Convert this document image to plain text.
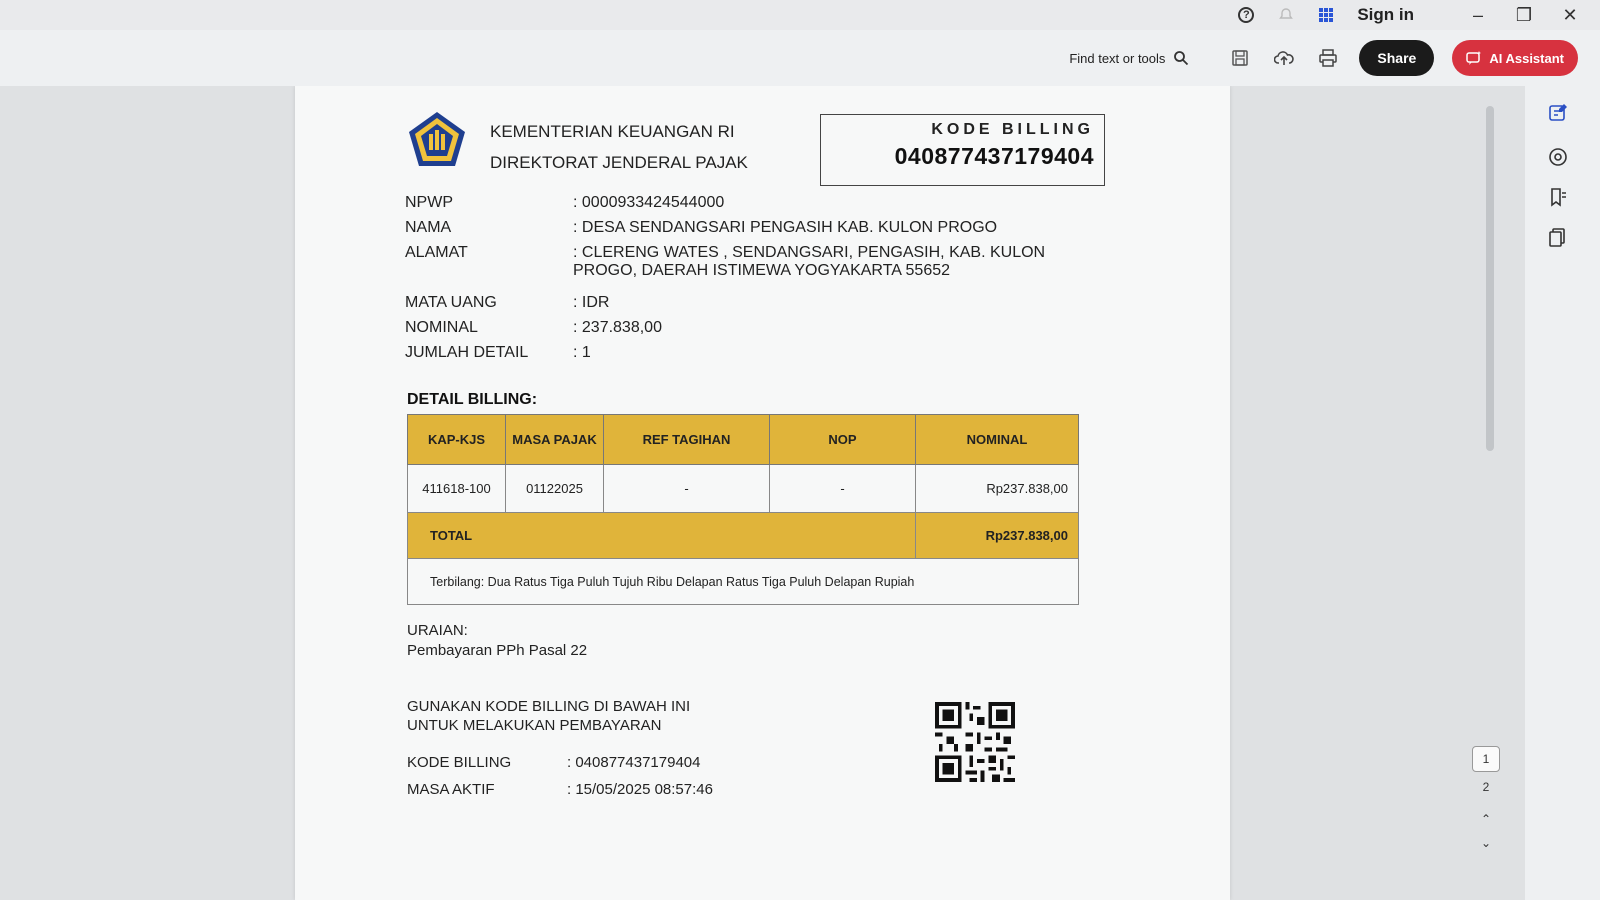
?	Sign in	–	❐ ✕
Find text or tools	Share	AI Assistant
KEMENTERIAN KEUANGAN RI
DIREKTORAT JENDERAL PAJAK
KODE BILLING
040877437179404
NPWP	: 0000933424544000
NAMA	: DESA SENDANGSARI PENGASIH KAB. KULON PROGO
ALAMAT	: CLERENG WATES , SENDANGSARI, PENGASIH, KAB. KULON PROGO, DAERAH ISTIMEWA YOGYAKARTA 55652
MATA UANG	: IDR
NOMINAL	: 237.838,00
JUMLAH DETAIL	: 1
DETAIL BILLING:
KAP-KJS	MASA PAJAK	REF TAGIHAN	NOP	NOMINAL
411618-100	01122025	-	-	Rp237.838,00
TOTAL				Rp237.838,00
Terbilang: Dua Ratus Tiga Puluh Tujuh Ribu Delapan Ratus Tiga Puluh Delapan Rupiah				
URAIAN:
Pembayaran PPh Pasal 22
GUNAKAN KODE BILLING DI BAWAH INI
UNTUK MELAKUKAN PEMBAYARAN
KODE BILLING	: 040877437179404
MASA AKTIF	: 15/05/2025 08:57:46
1
2
⌃
⌄
